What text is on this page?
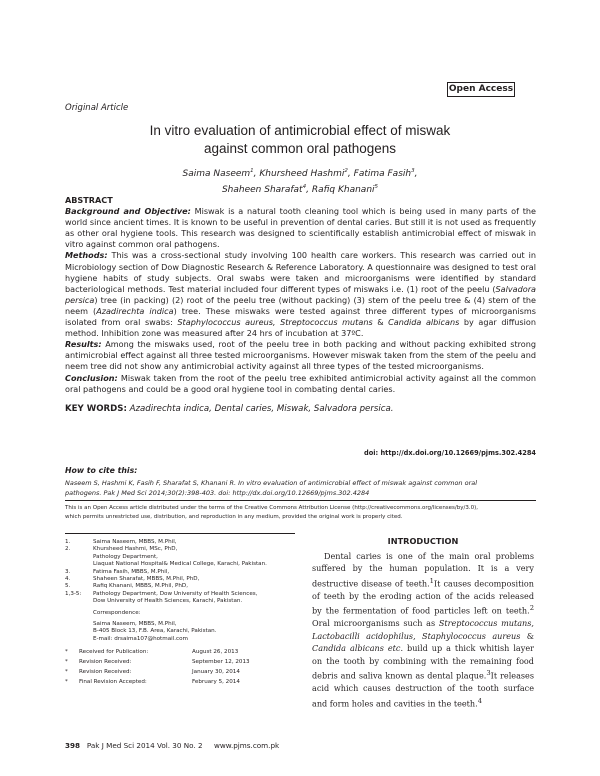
Open Access
Original Article
In vitro evaluation of antimicrobial effect of miswak
against common oral pathogens
Saima Naseem$^1$, Khursheed Hashmi$^2$, Fatima Fasih$^3$,
Shaheen Sharafat$^4$, Rafiq Khanani$^5$

ABSTRACT

Background and Objective: Miswak is a natural tooth cleaning tool which is being used in many parts of the world since ancient times. It is known to be useful in prevention of dental caries. But still it is not used as frequently as other oral hygiene tools. This research was designed to scientifically establish antimicrobial effect of miswak in vitro against common oral pathogens.

Methods: This was a cross-sectional study involving 100 health care workers. This research was carried out in Microbiology section of Dow Diagnostic Research & Reference Laboratory. A questionnaire was designed to test oral hygiene habits of study subjects. Oral swabs were taken and microorganisms were identified by standard bacteriological methods. Test material included four different types of miswaks i.e. (1) root of the peelu (Salvadora persica) tree (in packing) (2) root of the peelu tree (without packing) (3) stem of the peelu tree & (4) stem of the neem (Azadirechta indica) tree. These miswaks were tested against three different types of microorganisms isolated from oral swabs: Staphylococcus aureus, Streptococcus mutans & Candida albicans by agar diffusion method. Inhibition zone was measured after 24 hrs of incubation at 37ºC.

Results: Among the miswaks used, root of the peelu tree in both packing and without packing exhibited strong antimicrobial effect against all three tested microorganisms. However miswak taken from the stem of the peelu and neem tree did not show any antimicrobial activity against all three types of the tested microorganisms.

Conclusion: Miswak taken from the root of the peelu tree exhibited antimicrobial activity against all the common oral pathogens and could be a good oral hygiene tool in combating dental caries.

KEY WORDS: Azadirechta indica, Dental caries, Miswak, Salvadora persica.

doi: http://dx.doi.org/10.12669/pjms.302.4284
How to cite this:
Naseem S, Hashmi K, Fasih F, Sharafat S, Khanani R. In vitro evaluation of antimicrobial effect of miswak against common oral
pathogens. Pak J Med Sci 2014;30(2):398-403. doi: http://dx.doi.org/10.12669/pjms.302.4284
This is an Open Access article distributed under the terms of the Creative Commons Attribution License (http://creativecommons.org/licenses/by/3.0),
which permits unrestricted use, distribution, and reproduction in any medium, provided the original work is properly cited.
1.	Saima Naseem, MBBS, M.Phil,
2.	Khursheed Hashmi, MSc, PhD,
Pathology Department,
Liaquat National Hospital& Medical College, Karachi, Pakistan.
3.	Fatima Fasih, MBBS, M.Phil,
4.	Shaheen Sharafat, MBBS, M.Phil, PhD,
5.	Rafiq Khanani, MBBS, M.Phil, PhD,
1,3-5:	Pathology Department, Dow University of Health Sciences,
Dow University of Health Sciences, Karachi, Pakistan.
Correspondence:
Saima Naseem, MBBS, M.Phil,
B-405 Block 13, F.B. Area, Karachi, Pakistan.
E-mail: drsaima107@hotmail.com
*	Received for Publication:	August 26, 2013
*	Revision Received:	September 12, 2013
*	Revision Received:	January 30, 2014
*	Final Revision Accepted:	February 5, 2014
INTRODUCTION

Dental caries is one of the main oral problems suffered by the human population. It is a very destructive disease of teeth.$^1$It causes decomposition of teeth by the eroding action of the acids released by the fermentation of food particles left on teeth.$^2$ Oral microorganisms such as Streptococcus mutans, Lactobacilli acidophilus, Staphylococcus aureus & Candida albicans etc. build up a thick whitish layer on the tooth by combining with the remaining food debris and saliva known as dental plaque.$^3$It releases acid which causes destruction of the tooth surface and form holes and cavities in the teeth.$^4$

398 Pak J Med Sci 2014 Vol. 30 No. 2 www.pjms.com.pk
